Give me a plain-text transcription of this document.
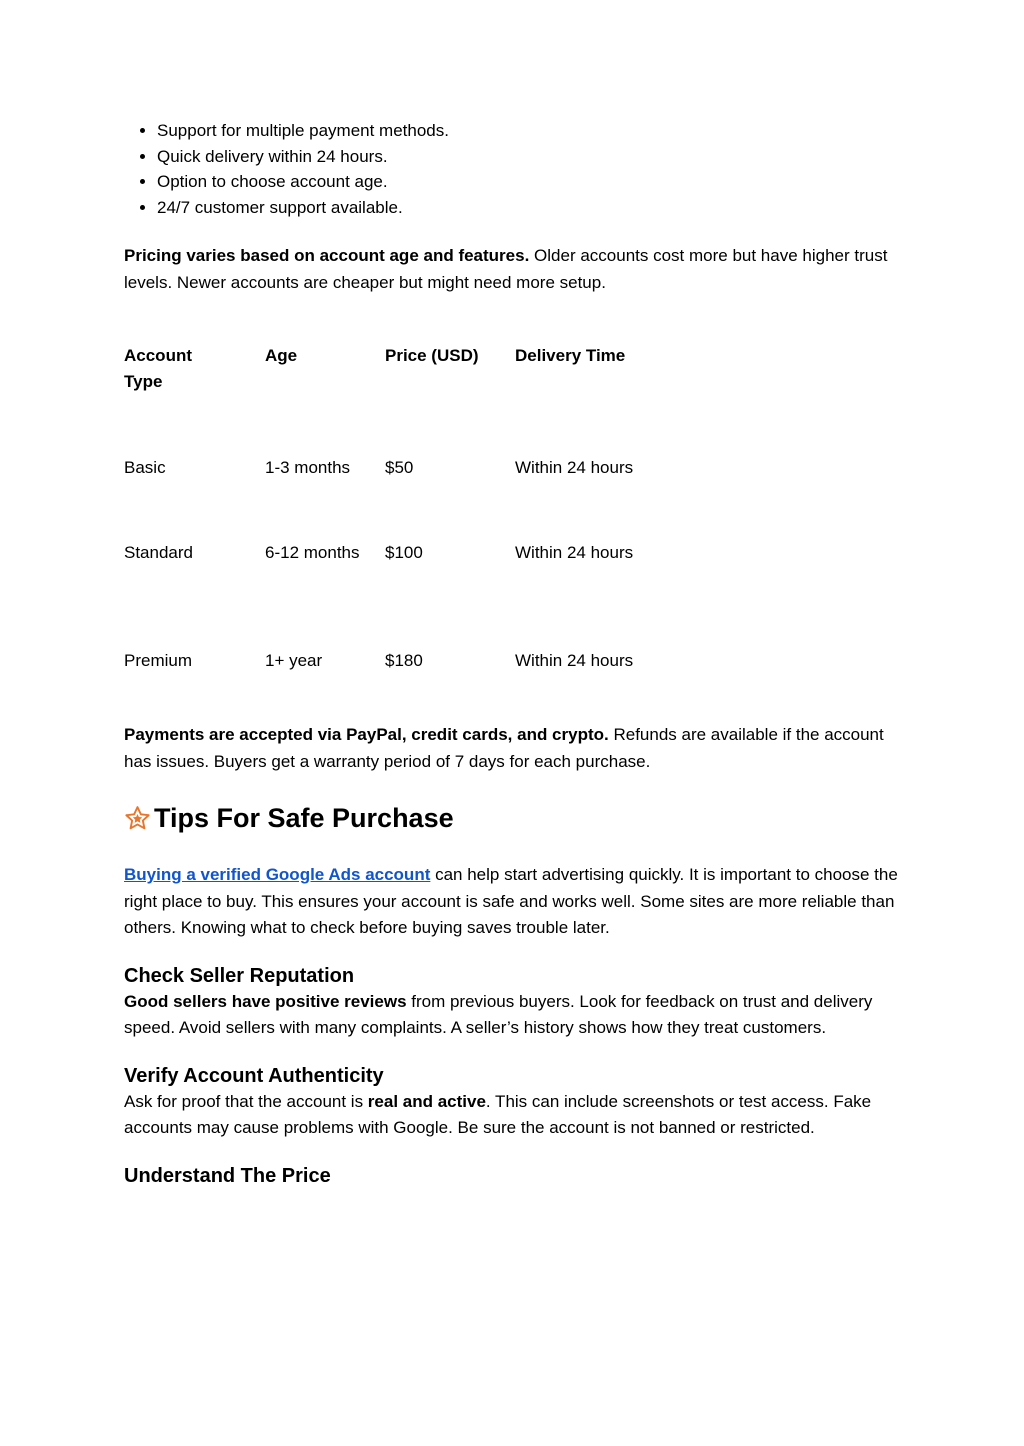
• Support for multiple payment methods.
• Quick delivery within 24 hours.
• Option to choose account age.
• 24/7 customer support available.

Pricing varies based on account age and features. Older accounts cost more but have higher trust levels. Newer accounts are cheaper but might need more setup.

Account Type	Age	Price (USD)	Delivery Time
Basic	1-3 months	$50	Within 24 hours
Standard	6-12 months	$100	Within 24 hours
Premium	1+ year	$180	Within 24 hours

Payments are accepted via PayPal, credit cards, and crypto. Refunds are available if the account has issues. Buyers get a warranty period of 7 days for each purchase.

Tips For Safe Purchase

Buying a verified Google Ads account can help start advertising quickly. It is important to choose the right place to buy. This ensures your account is safe and works well. Some sites are more reliable than others. Knowing what to check before buying saves trouble later.

Check Seller Reputation

Good sellers have positive reviews from previous buyers. Look for feedback on trust and delivery speed. Avoid sellers with many complaints. A seller’s history shows how they treat customers.

Verify Account Authenticity

Ask for proof that the account is real and active. This can include screenshots or test access. Fake accounts may cause problems with Google. Be sure the account is not banned or restricted.

Understand The Price
